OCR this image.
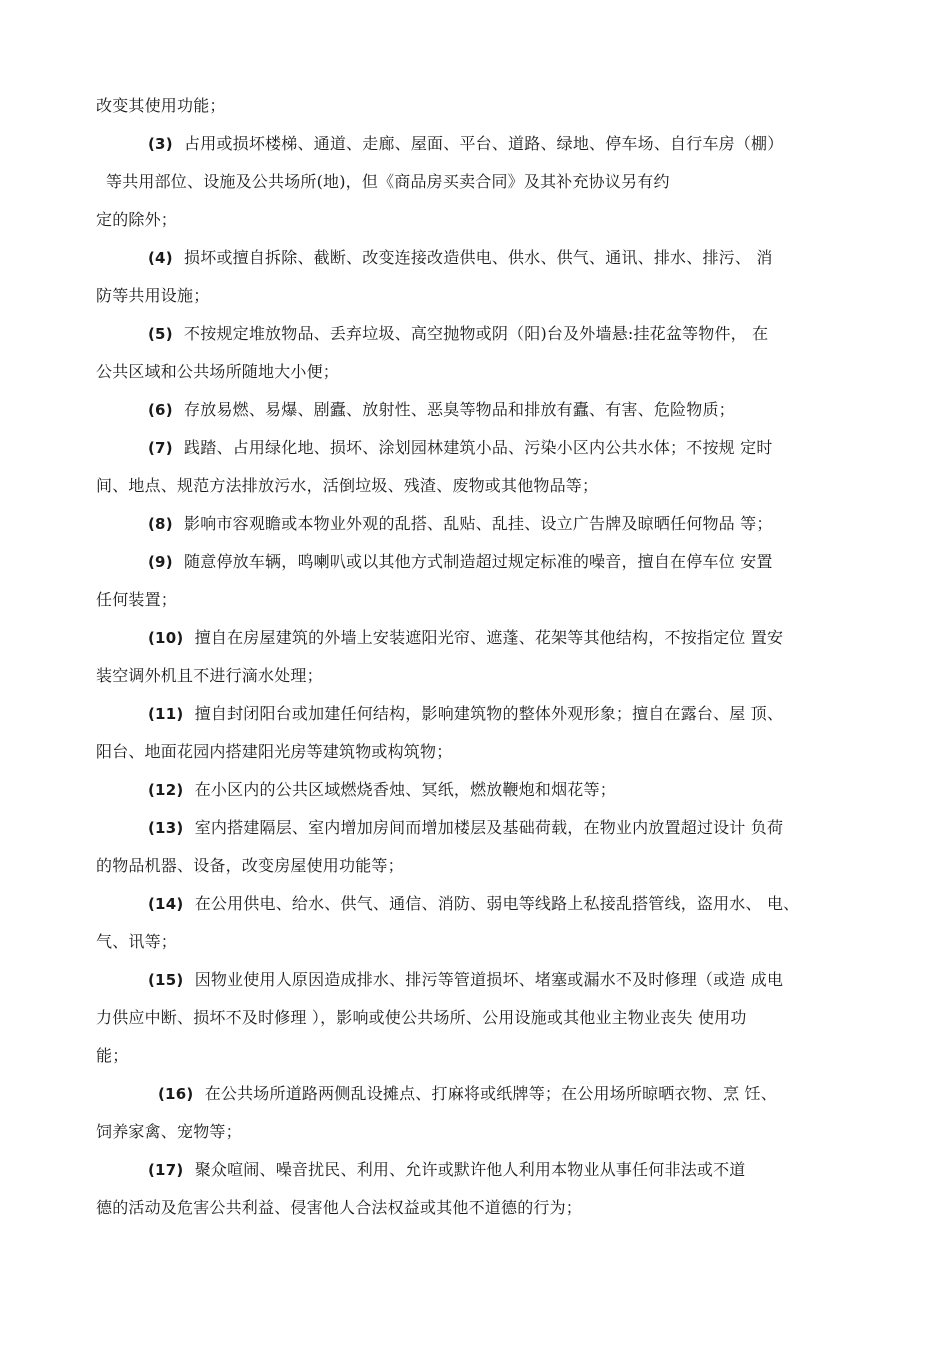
改变其使用功能；
(3) 占用或损坏楼梯、通道、走廊、屋面、平台、道路、绿地、停车场、自行车房（棚）
等共用部位、设施及公共场所(地)，但《商品房买卖合同》及其补充协议另有约
定的除外；
(4) 损坏或擅自拆除、截断、改变连接改造供电、供水、供气、通讯、排水、排污、 消
防等共用设施；
(5) 不按规定堆放物品、丢弃垃圾、高空抛物或阴（阳)台及外墙悬:挂花盆等物件， 在
公共区域和公共场所随地大小便；
(6) 存放易燃、易爆、剧蠹、放射性、恶臭等物品和排放有蠹、有害、危险物质；
(7) 践踏、占用绿化地、损坏、涂划园林建筑小品、污染小区内公共水体；不按规 定时
间、地点、规范方法排放污水，活倒垃圾、残渣、废物或其他物品等；
(8) 影响市容观瞻或本物业外观的乱搭、乱贴、乱挂、设立广告牌及晾晒任何物品 等；
(9) 随意停放车辆，鸣喇叭或以其他方式制造超过规定标准的噪音，擅自在停车位 安置
任何装置；
(10) 擅自在房屋建筑的外墙上安装遮阳光帘、遮蓬、花架等其他结构，不按指定位 置安
装空调外机且不进行滴水处理；
(11) 擅自封闭阳台或加建任何结构，影响建筑物的整体外观形象；擅自在露台、屋 顶、
阳台、地面花园内搭建阳光房等建筑物或构筑物；
(12) 在小区内的公共区域燃烧香烛、冥纸，燃放鞭炮和烟花等；
(13) 室内搭建隔层、室内增加房间而增加楼层及基础荷载，在物业内放置超过设计 负荷
的物品机器、设备，改变房屋使用功能等；
(14) 在公用供电、给水、供气、通信、消防、弱电等线路上私接乱搭管线，盗用水、 电、
气、讯等；
(15) 因物业使用人原因造成排水、排污等管道损坏、堵塞或漏水不及时修理（或造 成电
力供应中断、损坏不及时修理 ），影响或使公共场所、公用设施或其他业主物业丧失 使用功
能；
(16) 在公共场所道路两侧乱设摊点、打麻将或纸牌等；在公用场所晾晒衣物、烹 饪、
饲养家禽、宠物等；
(17) 聚众喧闹、噪音扰民、利用、允许或默许他人利用本物业从事任何非法或不道
德的活动及危害公共利益、侵害他人合法权益或其他不道德的行为；
